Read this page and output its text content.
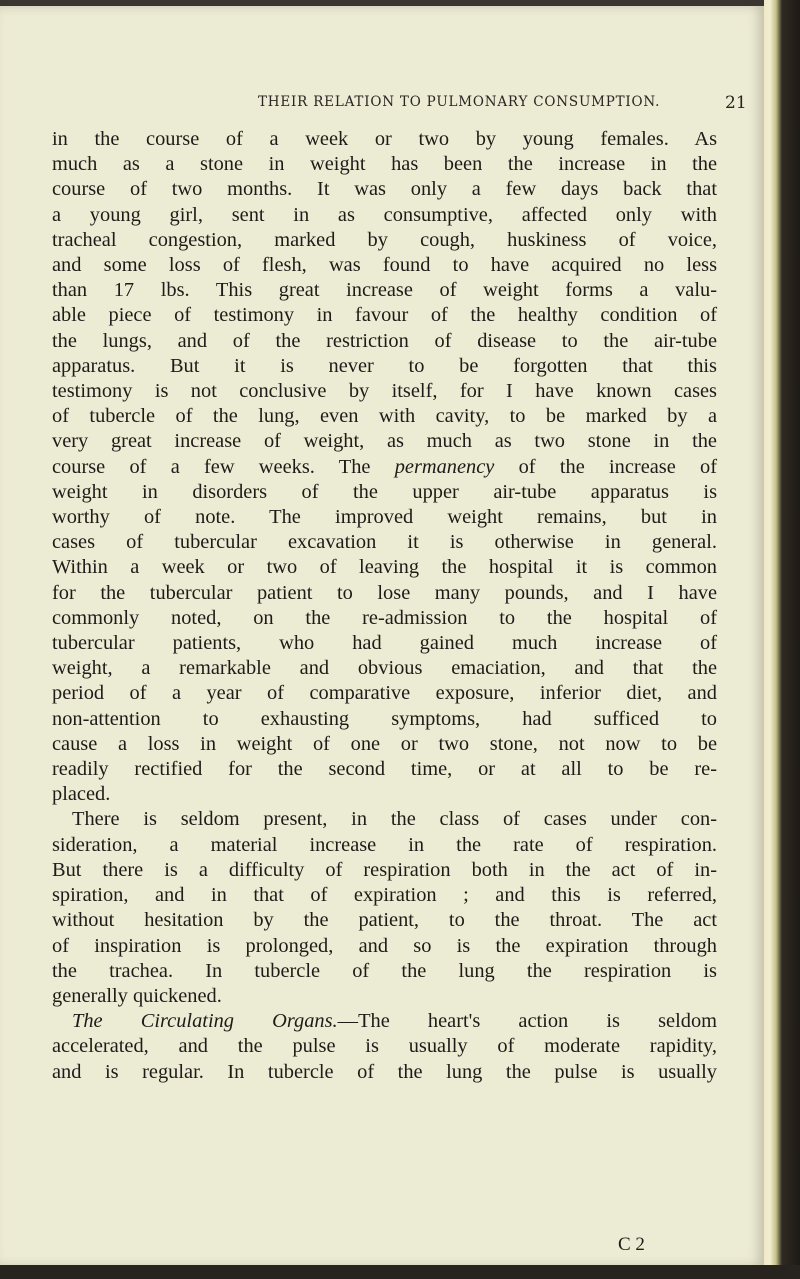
THEIR RELATION TO PULMONARY CONSUMPTION.	21

in the course of a week or two by young females. As

much as a stone in weight has been the increase in the

course of two months. It was only a few days back that

a young girl, sent in as consumptive, affected only with

tracheal congestion, marked by cough, huskiness of voice,

and some loss of flesh, was found to have acquired no less

than 17 lbs. This great increase of weight forms a valu-

able piece of testimony in favour of the healthy condition of

the lungs, and of the restriction of disease to the air-tube

apparatus. But it is never to be forgotten that this

testimony is not conclusive by itself, for I have known cases

of tubercle of the lung, even with cavity, to be marked by a

very great increase of weight, as much as two stone in the

course of a few weeks. The permanency of the increase of

weight in disorders of the upper air-tube apparatus is

worthy of note. The improved weight remains, but in

cases of tubercular excavation it is otherwise in general.

Within a week or two of leaving the hospital it is common

for the tubercular patient to lose many pounds, and I have

commonly noted, on the re-admission to the hospital of

tubercular patients, who had gained much increase of

weight, a remarkable and obvious emaciation, and that the

period of a year of comparative exposure, inferior diet, and

non-attention to exhausting symptoms, had sufficed to

cause a loss in weight of one or two stone, not now to be

readily rectified for the second time, or at all to be re-

placed.

There is seldom present, in the class of cases under con-

sideration, a material increase in the rate of respiration.

But there is a difficulty of respiration both in the act of in-

spiration, and in that of expiration ; and this is referred,

without hesitation by the patient, to the throat. The act

of inspiration is prolonged, and so is the expiration through

the trachea. In tubercle of the lung the respiration is

generally quickened.

The Circulating Organs.—The heart's action is seldom

accelerated, and the pulse is usually of moderate rapidity,

and is regular. In tubercle of the lung the pulse is usually

C 2
